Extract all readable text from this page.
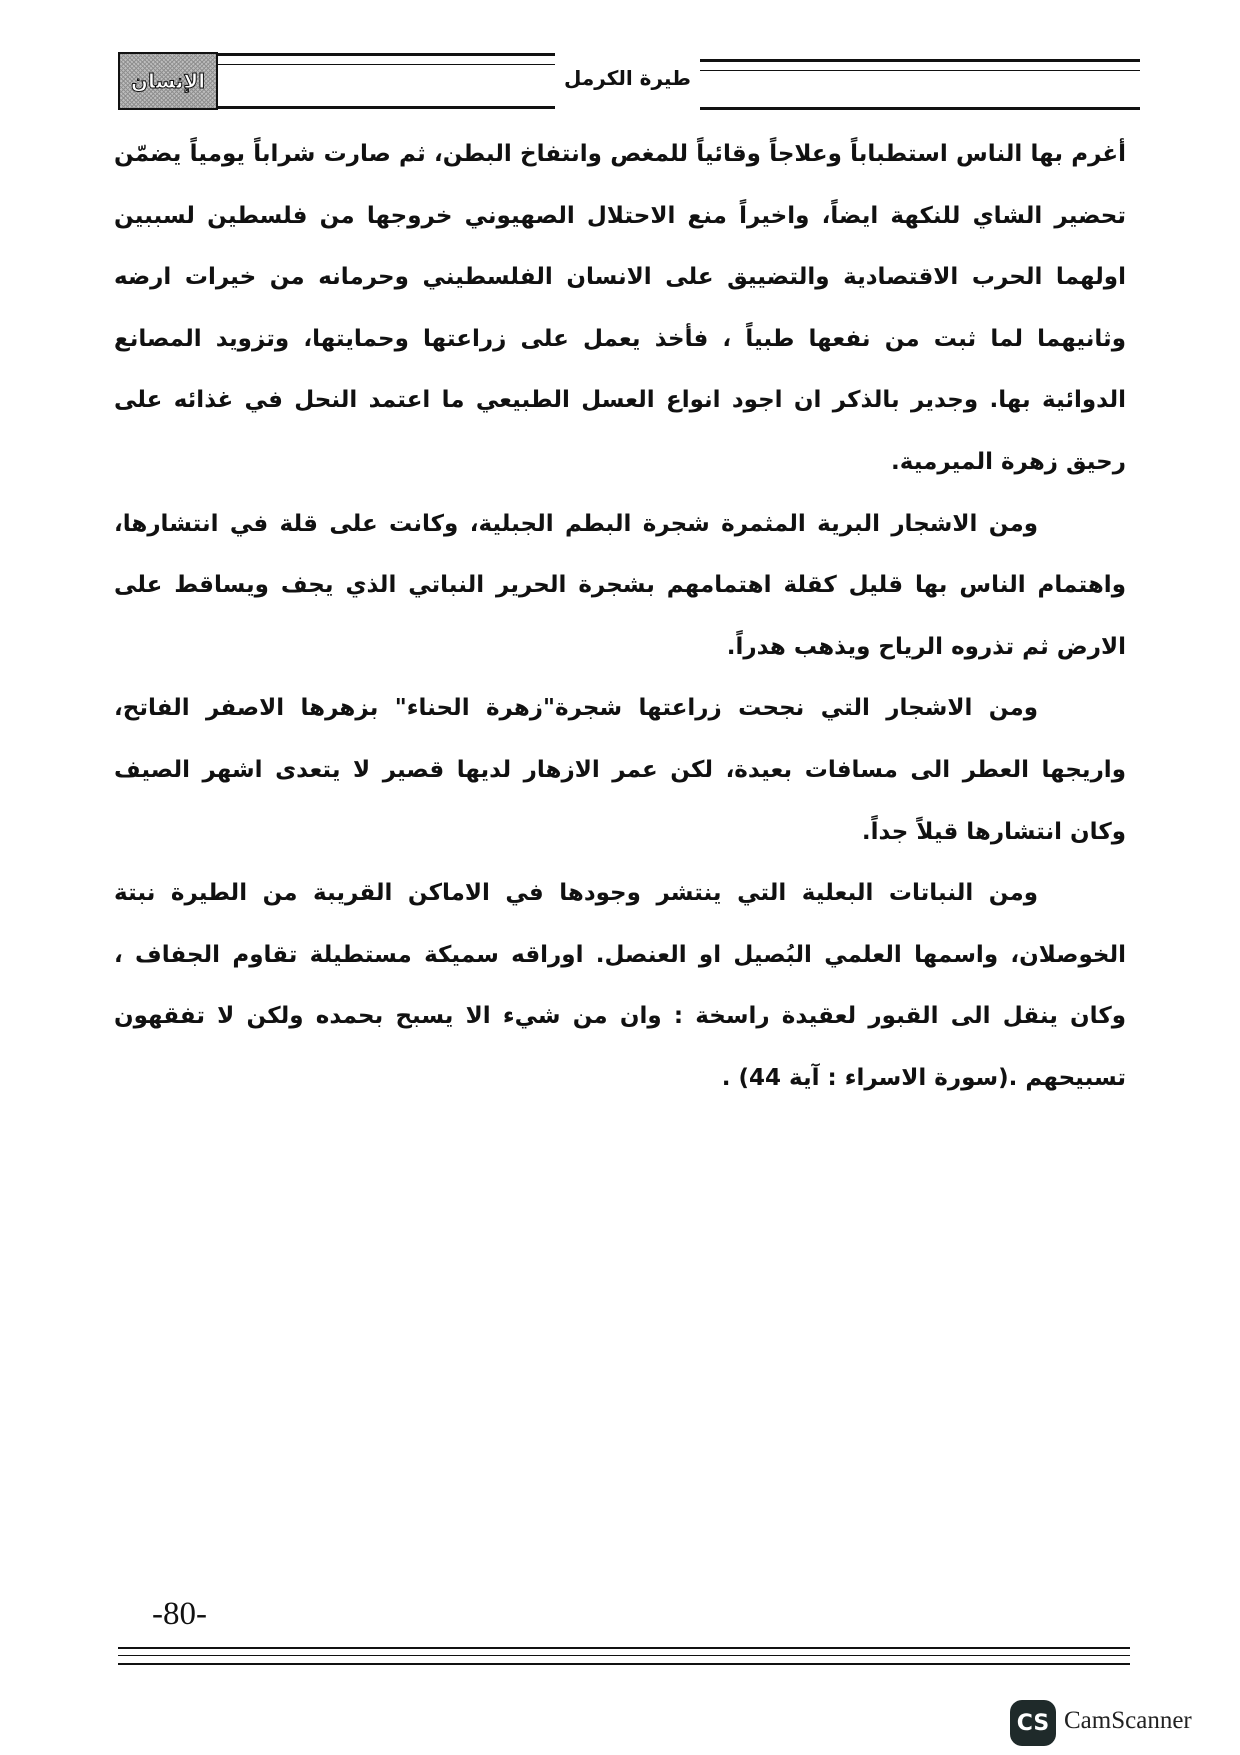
الإنسان	طيرة الكرمل

أغرم بها الناس استطباباً وعلاجاً وقائياً للمغص وانتفاخ البطن، ثم صارت شراباً يومياً يضمّن تحضير الشاي للنكهة ايضاً، واخيراً منع الاحتلال الصهيوني خروجها من فلسطين لسببين اولهما الحرب الاقتصادية والتضييق على الانسان الفلسطيني وحرمانه من خيرات ارضه وثانيهما لما ثبت من نفعها طبياً ، فأخذ يعمل على زراعتها وحمايتها، وتزويد المصانع الدوائية بها. وجدير بالذكر ان اجود انواع العسل الطبيعي ما اعتمد النحل في غذائه على رحيق زهرة الميرمية.

ومن الاشجار البرية المثمرة شجرة البطم الجبلية، وكانت على قلة في انتشارها، واهتمام الناس بها قليل كقلة اهتمامهم بشجرة الحرير النباتي الذي يجف ويساقط على الارض ثم تذروه الرياح ويذهب هدراً.

ومن الاشجار التي نجحت زراعتها شجرة"زهرة الحناء" بزهرها الاصفر الفاتح، واريجها العطر الى مسافات بعيدة، لكن عمر الازهار لديها قصير لا يتعدى اشهر الصيف وكان انتشارها قيلاً جداً.

ومن النباتات البعلية التي ينتشر وجودها في الاماكن القريبة من الطيرة نبتة الخوصلان، واسمها العلمي البُصيل او العنصل. اوراقه سميكة مستطيلة تقاوم الجفاف ، وكان ينقل الى القبور لعقيدة راسخة : وان من شيء الا يسبح بحمده ولكن لا تفقهون تسبيحهم .(سورة الاسراء : آية 44) .

-80-
CS CamScanner
